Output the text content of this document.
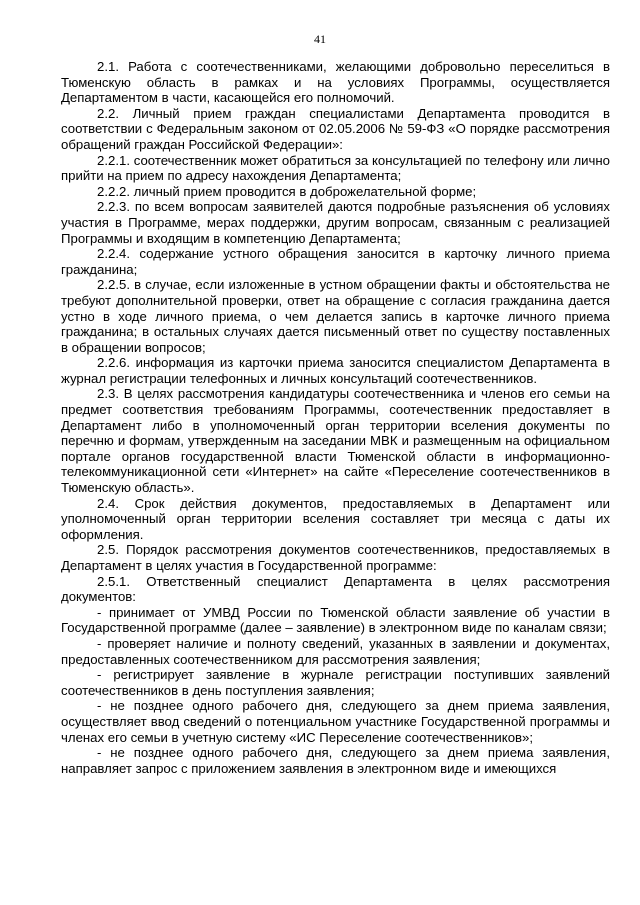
41

2.1. Работа с соотечественниками, желающими добровольно переселиться в Тюменскую область в рамках и на условиях Программы, осуществляется Департаментом в части, касающейся его полномочий.

2.2. Личный прием граждан специалистами Департамента проводится в соответствии с Федеральным законом от 02.05.2006 № 59-ФЗ «О порядке рассмотрения обращений граждан Российской Федерации»:

2.2.1. соотечественник может обратиться за консультацией по телефону или лично прийти на прием по адресу нахождения Департамента;

2.2.2. личный прием проводится в доброжелательной форме;

2.2.3. по всем вопросам заявителей даются подробные разъяснения об условиях участия в Программе, мерах поддержки, другим вопросам, связанным с реализацией Программы и входящим в компетенцию Департамента;

2.2.4. содержание устного обращения заносится в карточку личного приема гражданина;

2.2.5. в случае, если изложенные в устном обращении факты и обстоятельства не требуют дополнительной проверки, ответ на обращение с согласия гражданина дается устно в ходе личного приема, о чем делается запись в карточке личного приема гражданина; в остальных случаях дается письменный ответ по существу поставленных в обращении вопросов;

2.2.6. информация из карточки приема заносится специалистом Департамента в журнал регистрации телефонных и личных консультаций соотечественников.

2.3. В целях рассмотрения кандидатуры соотечественника и членов его семьи на предмет соответствия требованиям Программы, соотечественник предоставляет в Департамент либо в уполномоченный орган территории вселения документы по перечню и формам, утвержденным на заседании МВК и размещенным на официальном портале органов государственной власти Тюменской области в информационно-телекоммуникационной сети «Интернет» на сайте «Переселение соотечественников в Тюменскую область».

2.4. Срок действия документов, предоставляемых в Департамент или уполномоченный орган территории вселения составляет три месяца с даты их оформления.

2.5. Порядок рассмотрения документов соотечественников, предоставляемых в Департамент в целях участия в Государственной программе:

2.5.1. Ответственный специалист Департамента в целях рассмотрения документов:

- принимает от УМВД России по Тюменской области заявление об участии в Государственной программе (далее – заявление) в электронном виде по каналам связи;

- проверяет наличие и полноту сведений, указанных в заявлении и документах, предоставленных соотечественником для рассмотрения заявления;

- регистрирует заявление в журнале регистрации поступивших заявлений соотечественников в день поступления заявления;

- не позднее одного рабочего дня, следующего за днем приема заявления, осуществляет ввод сведений о потенциальном участнике Государственной программы и членах его семьи в учетную систему «ИС Переселение соотечественников»;

- не позднее одного рабочего дня, следующего за днем приема заявления, направляет запрос с приложением заявления в электронном виде и имеющихся
